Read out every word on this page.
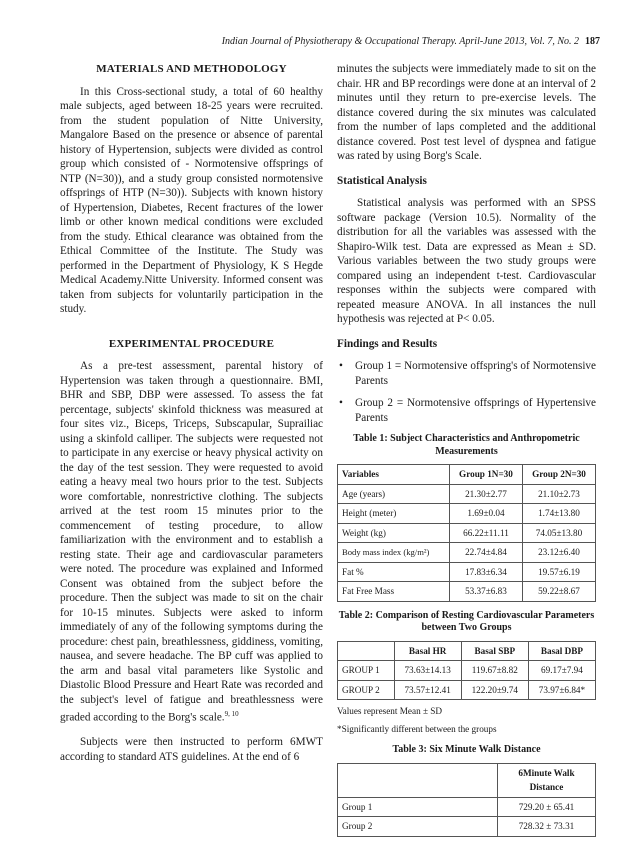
Indian Journal of Physiotherapy & Occupational Therapy. April-June 2013, Vol. 7, No. 2 187
MATERIALS AND METHODOLOGY

In this Cross-sectional study, a total of 60 healthy male subjects, aged between 18-25 years were recruited. from the student population of Nitte University, Mangalore Based on the presence or absence of parental history of Hypertension, subjects were divided as control group which consisted of - Normotensive offsprings of NTP (N=30)), and a study group consisted normotensive offsprings of HTP (N=30)). Subjects with known history of Hypertension, Diabetes, Recent fractures of the lower limb or other known medical conditions were excluded from the study. Ethical clearance was obtained from the Ethical Committee of the Institute. The Study was performed in the Department of Physiology, K S Hegde Medical Academy.Nitte University. Informed consent was taken from subjects for voluntarily participation in the study.

EXPERIMENTAL PROCEDURE

As a pre-test assessment, parental history of Hypertension was taken through a questionnaire. BMI, BHR and SBP, DBP were assessed. To assess the fat percentage, subjects' skinfold thickness was measured at four sites viz., Biceps, Triceps, Subscapular, Suprailiac using a skinfold calliper. The subjects were requested not to participate in any exercise or heavy physical activity on the day of the test session. They were requested to avoid eating a heavy meal two hours prior to the test. Subjects wore comfortable, nonrestrictive clothing. The subjects arrived at the test room 15 minutes prior to the commencement of testing procedure, to allow familiarization with the environment and to establish a resting state. Their age and cardiovascular parameters were noted. The procedure was explained and Informed Consent was obtained from the subject before the procedure. Then the subject was made to sit on the chair for 10-15 minutes. Subjects were asked to inform immediately of any of the following symptoms during the procedure: chest pain, breathlessness, giddiness, vomiting, nausea, and severe headache. The BP cuff was applied to the arm and basal vital parameters like Systolic and Diastolic Blood Pressure and Heart Rate was recorded and the subject's level of fatigue and breathlessness were graded according to the Borg's scale.$^{9, 10}$

Subjects were then instructed to perform 6MWT according to standard ATS guidelines. At the end of 6

minutes the subjects were immediately made to sit on the chair. HR and BP recordings were done at an interval of 2 minutes until they return to pre-exercise levels. The distance covered during the six minutes was calculated from the number of laps completed and the additional distance covered. Post test level of dyspnea and fatigue was rated by using Borg's Scale.

Statistical Analysis

Statistical analysis was performed with an SPSS software package (Version 10.5). Normality of the distribution for all the variables was assessed with the Shapiro-Wilk test. Data are expressed as Mean ± SD. Various variables between the two study groups were compared using an independent t-test. Cardiovascular responses within the subjects were compared with repeated measure ANOVA. In all instances the null hypothesis was rejected at P< 0.05.

Findings and Results
• Group 1 = Normotensive offspring's of Normotensive Parents
• Group 2 = Normotensive offsprings of Hypertensive Parents
Table 1: Subject Characteristics and Anthropometric Measurements
Variables	Group 1N=30	Group 2N=30
Age (years)	21.30±2.77	21.10±2.73
Height (meter)	1.69±0.04	1.74±13.80
Weight (kg)	66.22±11.11	74.05±13.80
Body mass index (kg/m²)	22.74±4.84	23.12±6.40
Fat %	17.83±6.34	19.57±6.19
Fat Free Mass	53.37±6.83	59.22±8.67
Table 2: Comparison of Resting Cardiovascular Parameters between Two Groups
	Basal HR	Basal SBP	Basal DBP
GROUP 1	73.63±14.13	119.67±8.82	69.17±7.94
GROUP 2	73.57±12.41	122.20±9.74	73.97±6.84*
Values represent Mean ± SD
*Significantly different between the groups
Table 3: Six Minute Walk Distance
	6Minute Walk Distance
Group 1	729.20 ± 65.41
Group 2	728.32 ± 73.31
